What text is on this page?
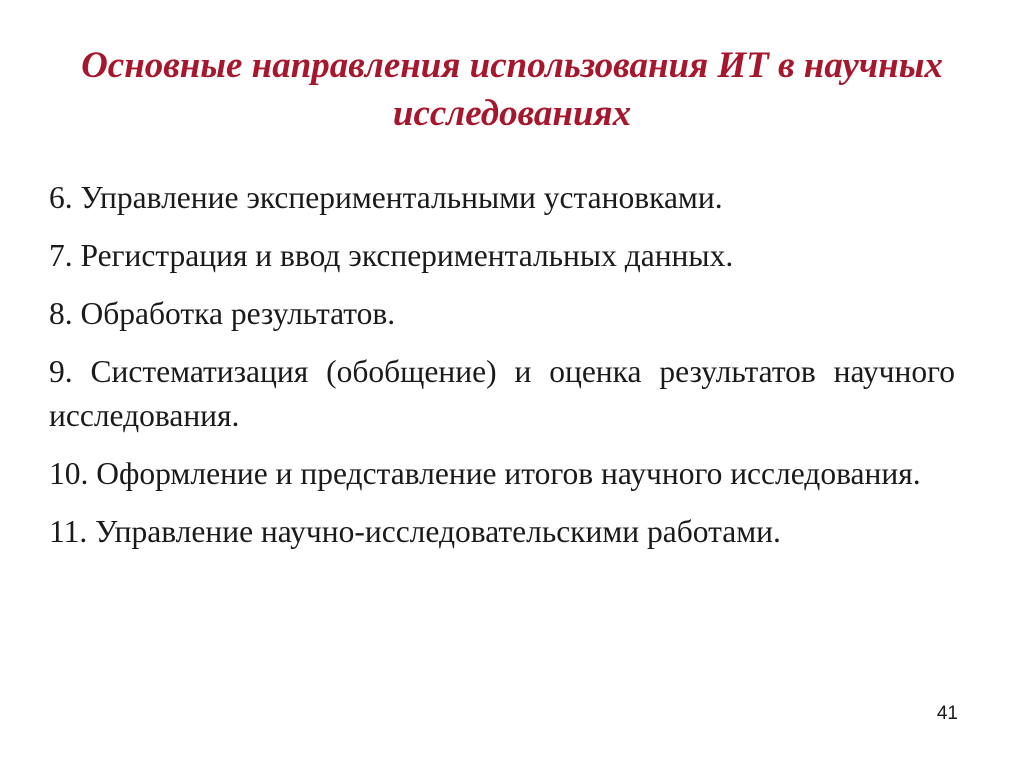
Основные направления использования ИТ в научных исследованиях

6. Управление экспериментальными установками.

7. Регистрация и ввод экспериментальных данных.

8. Обработка результатов.

9. Систематизация (обобщение) и оценка результатов научного исследования.

10. Оформление и представление итогов научного исследования.

11. Управление научно-исследовательскими работами.

41
